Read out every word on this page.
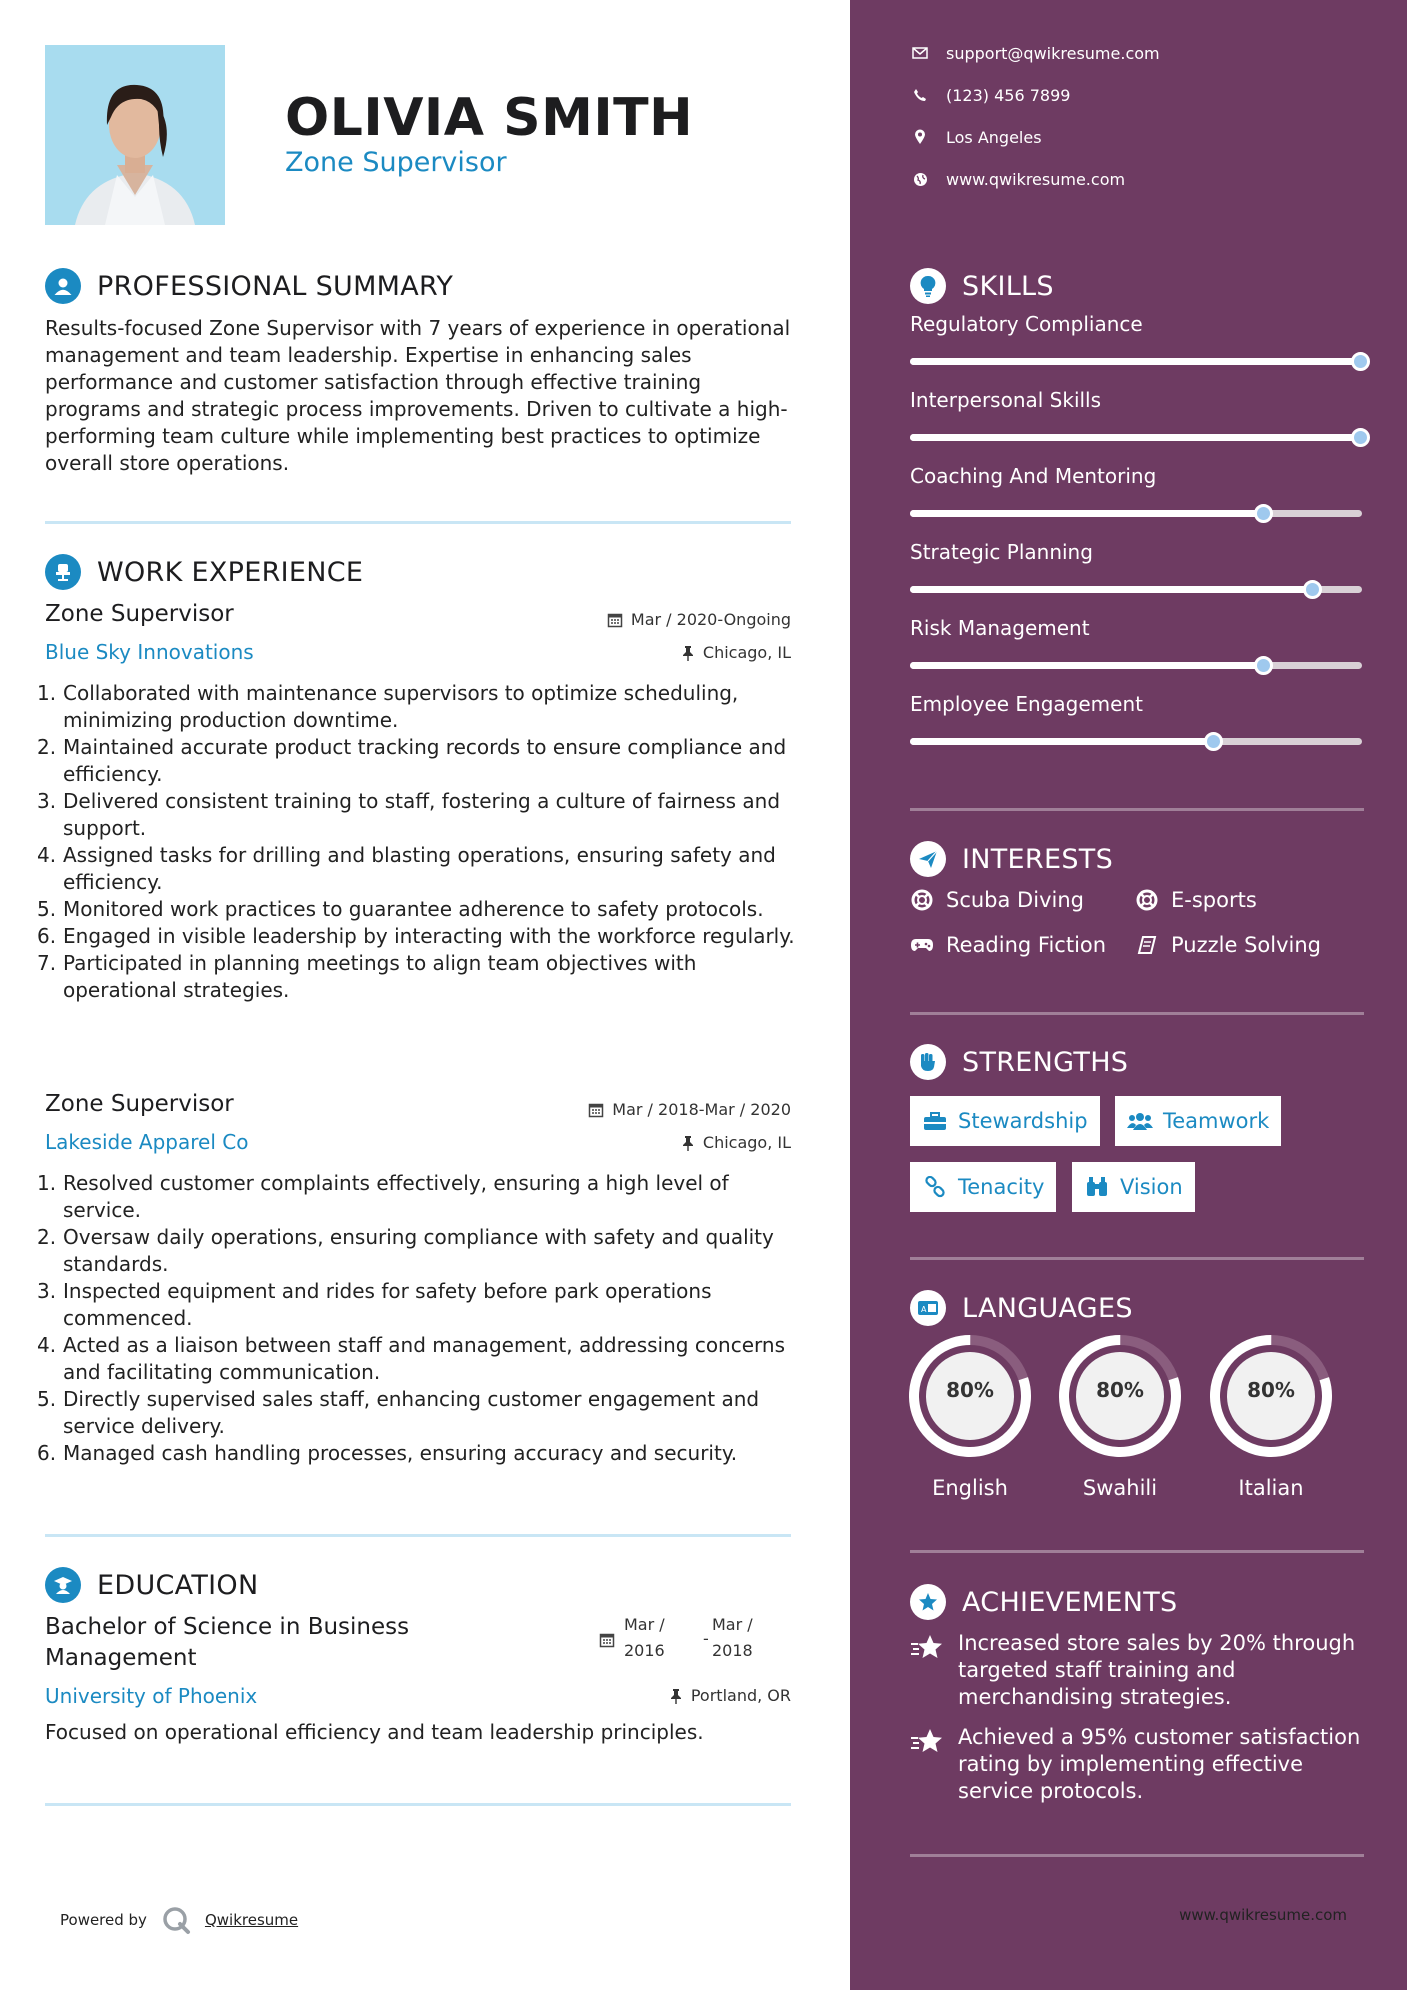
OLIVIA SMITH
Zone Supervisor
PROFESSIONAL SUMMARY
Results-focused Zone Supervisor with 7 years of experience in operational management and team leadership. Expertise in enhancing sales performance and customer satisfaction through effective training programs and strategic process improvements. Driven to cultivate a high-performing team culture while implementing best practices to optimize overall store operations.
WORK EXPERIENCE
Zone Supervisor
Blue Sky Innovations
Mar / 2020-Ongoing
Chicago, IL
1. Collaborated with maintenance supervisors to optimize scheduling, minimizing production downtime.
2. Maintained accurate product tracking records to ensure compliance and efficiency.
3. Delivered consistent training to staff, fostering a culture of fairness and support.
4. Assigned tasks for drilling and blasting operations, ensuring safety and efficiency.
5. Monitored work practices to guarantee adherence to safety protocols.
6. Engaged in visible leadership by interacting with the workforce regularly.
7. Participated in planning meetings to align team objectives with operational strategies.
Zone Supervisor
Lakeside Apparel Co
Mar / 2018-Mar / 2020
Chicago, IL
1. Resolved customer complaints effectively, ensuring a high level of service.
2. Oversaw daily operations, ensuring compliance with safety and quality standards.
3. Inspected equipment and rides for safety before park operations commenced.
4. Acted as a liaison between staff and management, addressing concerns and facilitating communication.
5. Directly supervised sales staff, enhancing customer engagement and service delivery.
6. Managed cash handling processes, ensuring accuracy and security.
EDUCATION
Bachelor of Science in Business
Management
University of Phoenix
Mar /
2016
-
Mar /
2018
Portland, OR
Focused on operational efficiency and team leadership principles.
Powered by	Qwikresume
support@qwikresume.com
(123) 456 7899
Los Angeles
www.qwikresume.com
SKILLS
Regulatory Compliance
Interpersonal Skills
Coaching And Mentoring
Strategic Planning
Risk Management
Employee Engagement
INTERESTS
Scuba Diving	E-sports
Reading Fiction	Puzzle Solving
STRENGTHS
Stewardship	Teamwork
Tenacity	Vision
A LANGUAGES
80%
English
80%
Swahili
80%
Italian
ACHIEVEMENTS
Increased store sales by 20% through targeted staff training and merchandising strategies.
Achieved a 95% customer satisfaction rating by implementing effective service protocols.
www.qwikresume.com
